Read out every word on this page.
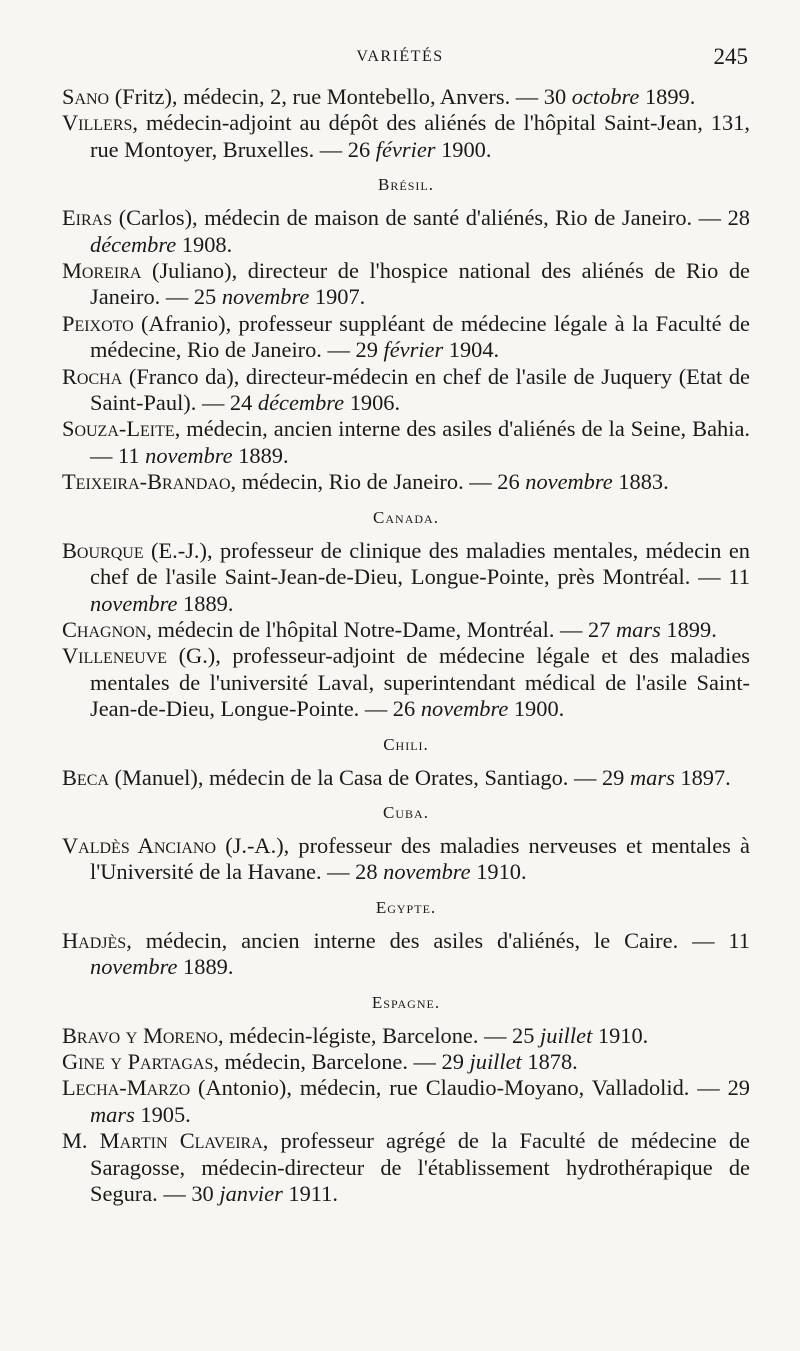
VARIÉTÉS	245

Sano (Fritz), médecin, 2, rue Montebello, Anvers. — 30 octobre 1899.

Villers, médecin-adjoint au dépôt des aliénés de l'hôpital Saint-Jean, 131, rue Montoyer, Bruxelles. — 26 février 1900.

Brésil.

Eiras (Carlos), médecin de maison de santé d'aliénés, Rio de Janeiro. — 28 décembre 1908.

Moreira (Juliano), directeur de l'hospice national des aliénés de Rio de Janeiro. — 25 novembre 1907.

Peixoto (Afranio), professeur suppléant de médecine légale à la Faculté de médecine, Rio de Janeiro. — 29 février 1904.

Rocha (Franco da), directeur-médecin en chef de l'asile de Juquery (Etat de Saint-Paul). — 24 décembre 1906.

Souza-Leite, médecin, ancien interne des asiles d'aliénés de la Seine, Bahia. — 11 novembre 1889.

Teixeira-Brandao, médecin, Rio de Janeiro. — 26 novembre 1883.

Canada.

Bourque (E.-J.), professeur de clinique des maladies mentales, médecin en chef de l'asile Saint-Jean-de-Dieu, Longue-Pointe, près Montréal. — 11 novembre 1889.

Chagnon, médecin de l'hôpital Notre-Dame, Montréal. — 27 mars 1899.

Villeneuve (G.), professeur-adjoint de médecine légale et des maladies mentales de l'université Laval, superintendant médical de l'asile Saint-Jean-de-Dieu, Longue-Pointe. — 26 novembre 1900.

Chili.

Beca (Manuel), médecin de la Casa de Orates, Santiago. — 29 mars 1897.

Cuba.

Valdès Anciano (J.-A.), professeur des maladies nerveuses et mentales à l'Université de la Havane. — 28 novembre 1910.

Egypte.

Hadjès, médecin, ancien interne des asiles d'aliénés, le Caire. — 11 novembre 1889.

Espagne.

Bravo y Moreno, médecin-légiste, Barcelone. — 25 juillet 1910.

Gine y Partagas, médecin, Barcelone. — 29 juillet 1878.

Lecha-Marzo (Antonio), médecin, rue Claudio-Moyano, Valladolid. — 29 mars 1905.

M. Martin Claveira, professeur agrégé de la Faculté de médecine de Saragosse, médecin-directeur de l'établissement hydrothérapique de Segura. — 30 janvier 1911.
